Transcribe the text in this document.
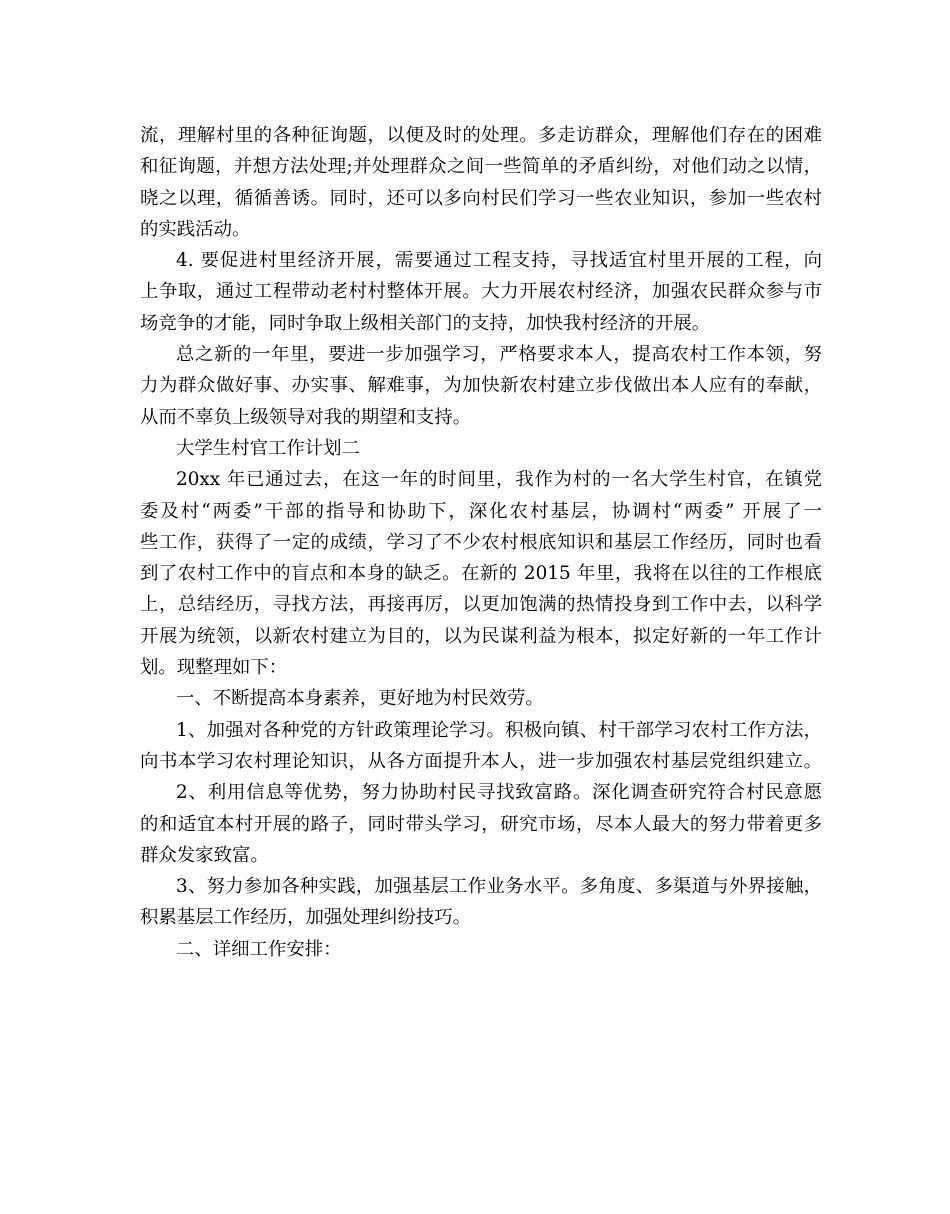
流，理解村里的各种征询题，以便及时的处理。多走访群众，理解他们存在的困难
和征询题，并想方法处理;并处理群众之间一些简单的矛盾纠纷，对他们动之以情，
晓之以理，循循善诱。同时，还可以多向村民们学习一些农业知识，参加一些农村
的实践活动。
4. 要促进村里经济开展，需要通过工程支持，寻找适宜村里开展的工程，向
上争取，通过工程带动老村村整体开展。大力开展农村经济，加强农民群众参与市
场竞争的才能，同时争取上级相关部门的支持，加快我村经济的开展。
总之新的一年里，要进一步加强学习，严格要求本人，提高农村工作本领，努
力为群众做好事、办实事、解难事，为加快新农村建立步伐做出本人应有的奉献，
从而不辜负上级领导对我的期望和支持。
大学生村官工作计划二
20xx 年已通过去，在这一年的时间里，我作为村的一名大学生村官，在镇党
委及村“两委”干部的指导和协助下，深化农村基层，协调村“两委” 开展了一
些工作，获得了一定的成绩，学习了不少农村根底知识和基层工作经历，同时也看
到了农村工作中的盲点和本身的缺乏。在新的 2015 年里，我将在以往的工作根底
上，总结经历，寻找方法，再接再厉，以更加饱满的热情投身到工作中去，以科学
开展为统领，以新农村建立为目的，以为民谋利益为根本，拟定好新的一年工作计
划。现整理如下：
一、不断提高本身素养，更好地为村民效劳。
1、加强对各种党的方针政策理论学习。积极向镇、村干部学习农村工作方法，
向书本学习农村理论知识，从各方面提升本人，进一步加强农村基层党组织建立。
2、利用信息等优势，努力协助村民寻找致富路。深化调查研究符合村民意愿
的和适宜本村开展的路子，同时带头学习，研究市场，尽本人最大的努力带着更多
群众发家致富。
3、努力参加各种实践，加强基层工作业务水平。多角度、多渠道与外界接触，
积累基层工作经历，加强处理纠纷技巧。
二、详细工作安排：
